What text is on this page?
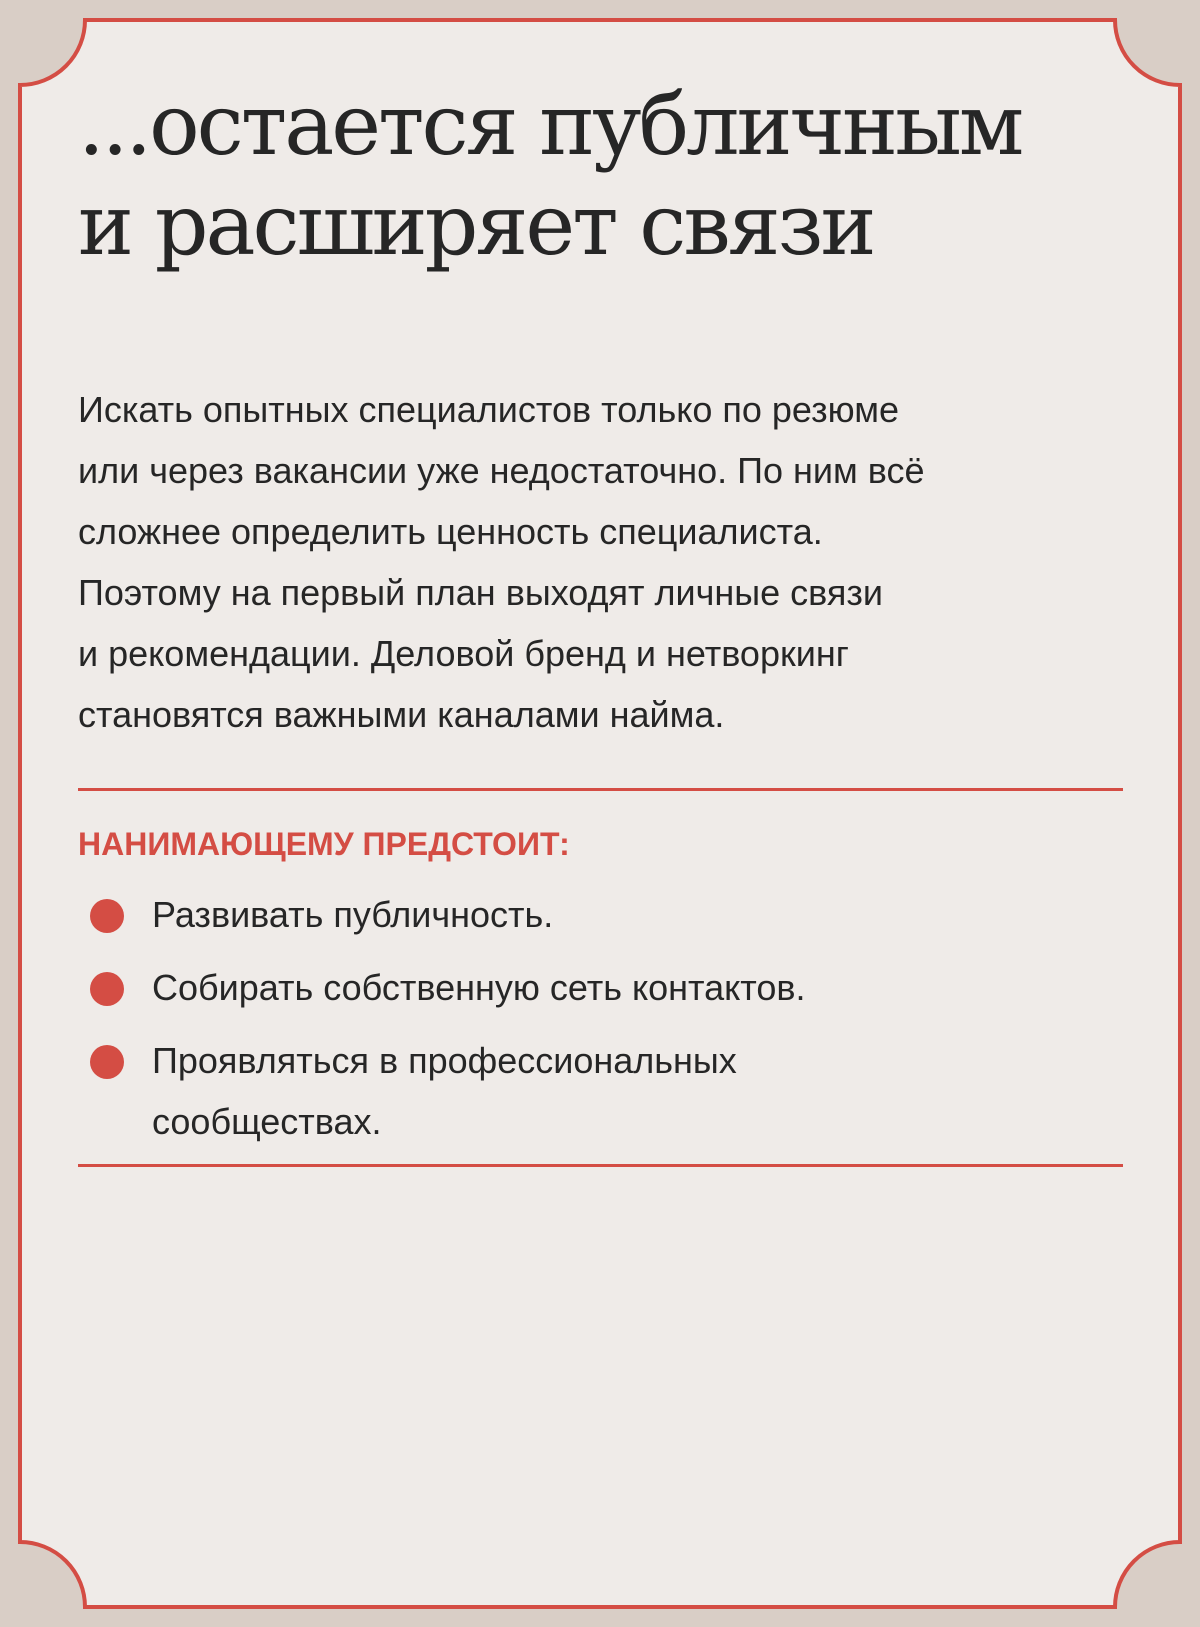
...остается публичным
и расширяет связи

Искать опытных специалистов только по резюме
или через вакансии уже недостаточно. По ним всё
сложнее определить ценность специалиста.
Поэтому на первый план выходят личные связи
и рекомендации. Деловой бренд и нетворкинг
становятся важными каналами найма.

НАНИМАЮЩЕМУ ПРЕДСТОИТ:
Развивать публичность.
Собирать собственную сеть контактов.
Проявляться в профессиональных
сообществах.
